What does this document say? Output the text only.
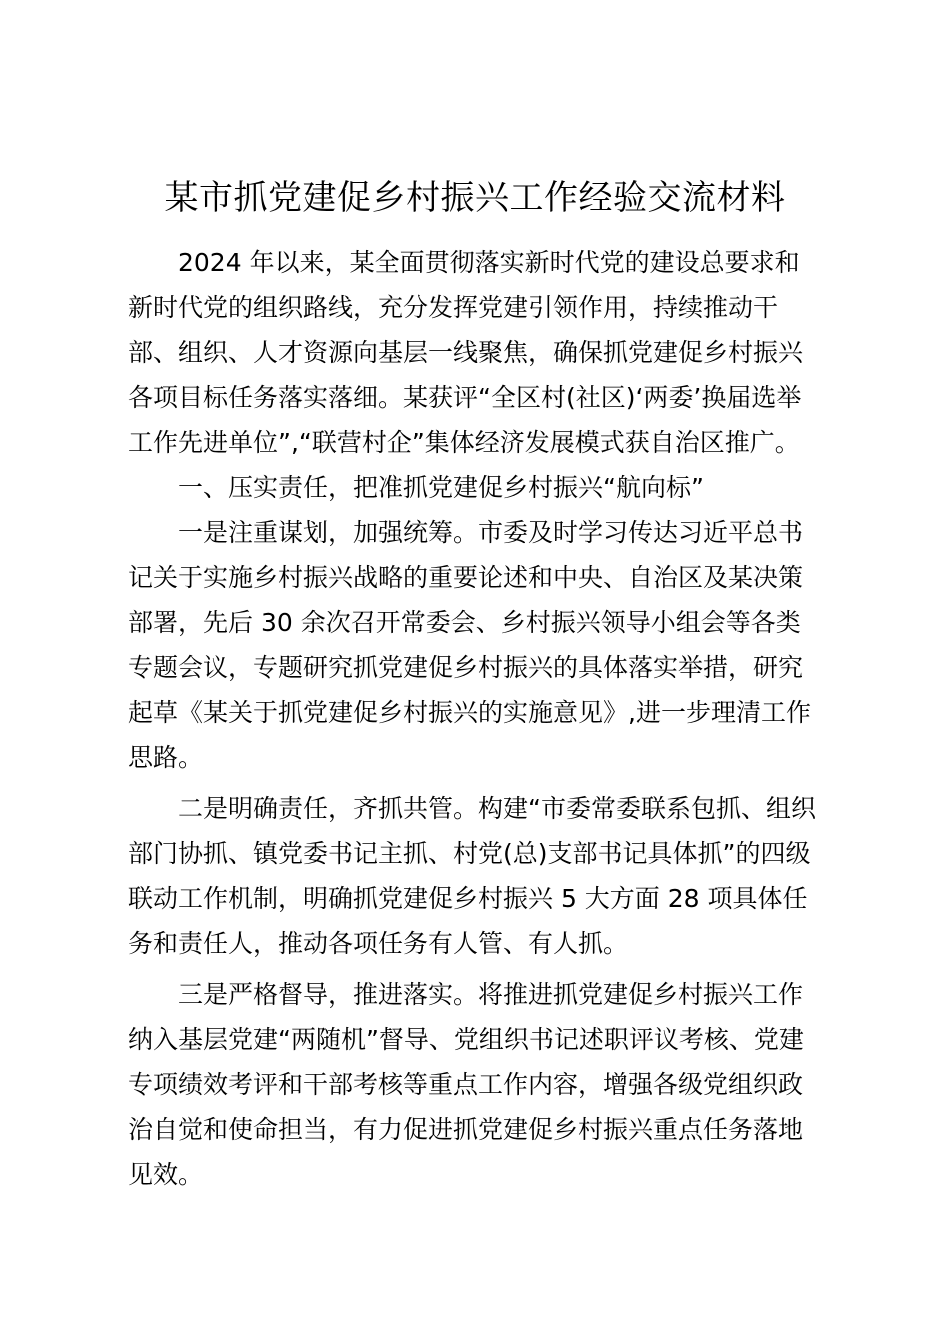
某市抓党建促乡村振兴工作经验交流材料
2024 年以来，某全面贯彻落实新时代党的建设总要求和
新时代党的组织路线，充分发挥党建引领作用，持续推动干
部、组织、人才资源向基层一线聚焦，确保抓党建促乡村振兴
各项目标任务落实落细。某获评“全区村(社区)‘两委’换届选举
工作先进单位”,“联营村企”集体经济发展模式获自治区推广。
一、压实责任，把准抓党建促乡村振兴“航向标”
一是注重谋划，加强统筹。市委及时学习传达习近平总书
记关于实施乡村振兴战略的重要论述和中央、自治区及某决策
部署，先后 30 余次召开常委会、乡村振兴领导小组会等各类
专题会议，专题研究抓党建促乡村振兴的具体落实举措，研究
起草《某关于抓党建促乡村振兴的实施意见》,进一步理清工作
思路。
二是明确责任，齐抓共管。构建“市委常委联系包抓、组织
部门协抓、镇党委书记主抓、村党(总)支部书记具体抓”的四级
联动工作机制，明确抓党建促乡村振兴 5 大方面 28 项具体任
务和责任人，推动各项任务有人管、有人抓。
三是严格督导，推进落实。将推进抓党建促乡村振兴工作
纳入基层党建“两随机”督导、党组织书记述职评议考核、党建
专项绩效考评和干部考核等重点工作内容，增强各级党组织政
治自觉和使命担当，有力促进抓党建促乡村振兴重点任务落地
见效。
